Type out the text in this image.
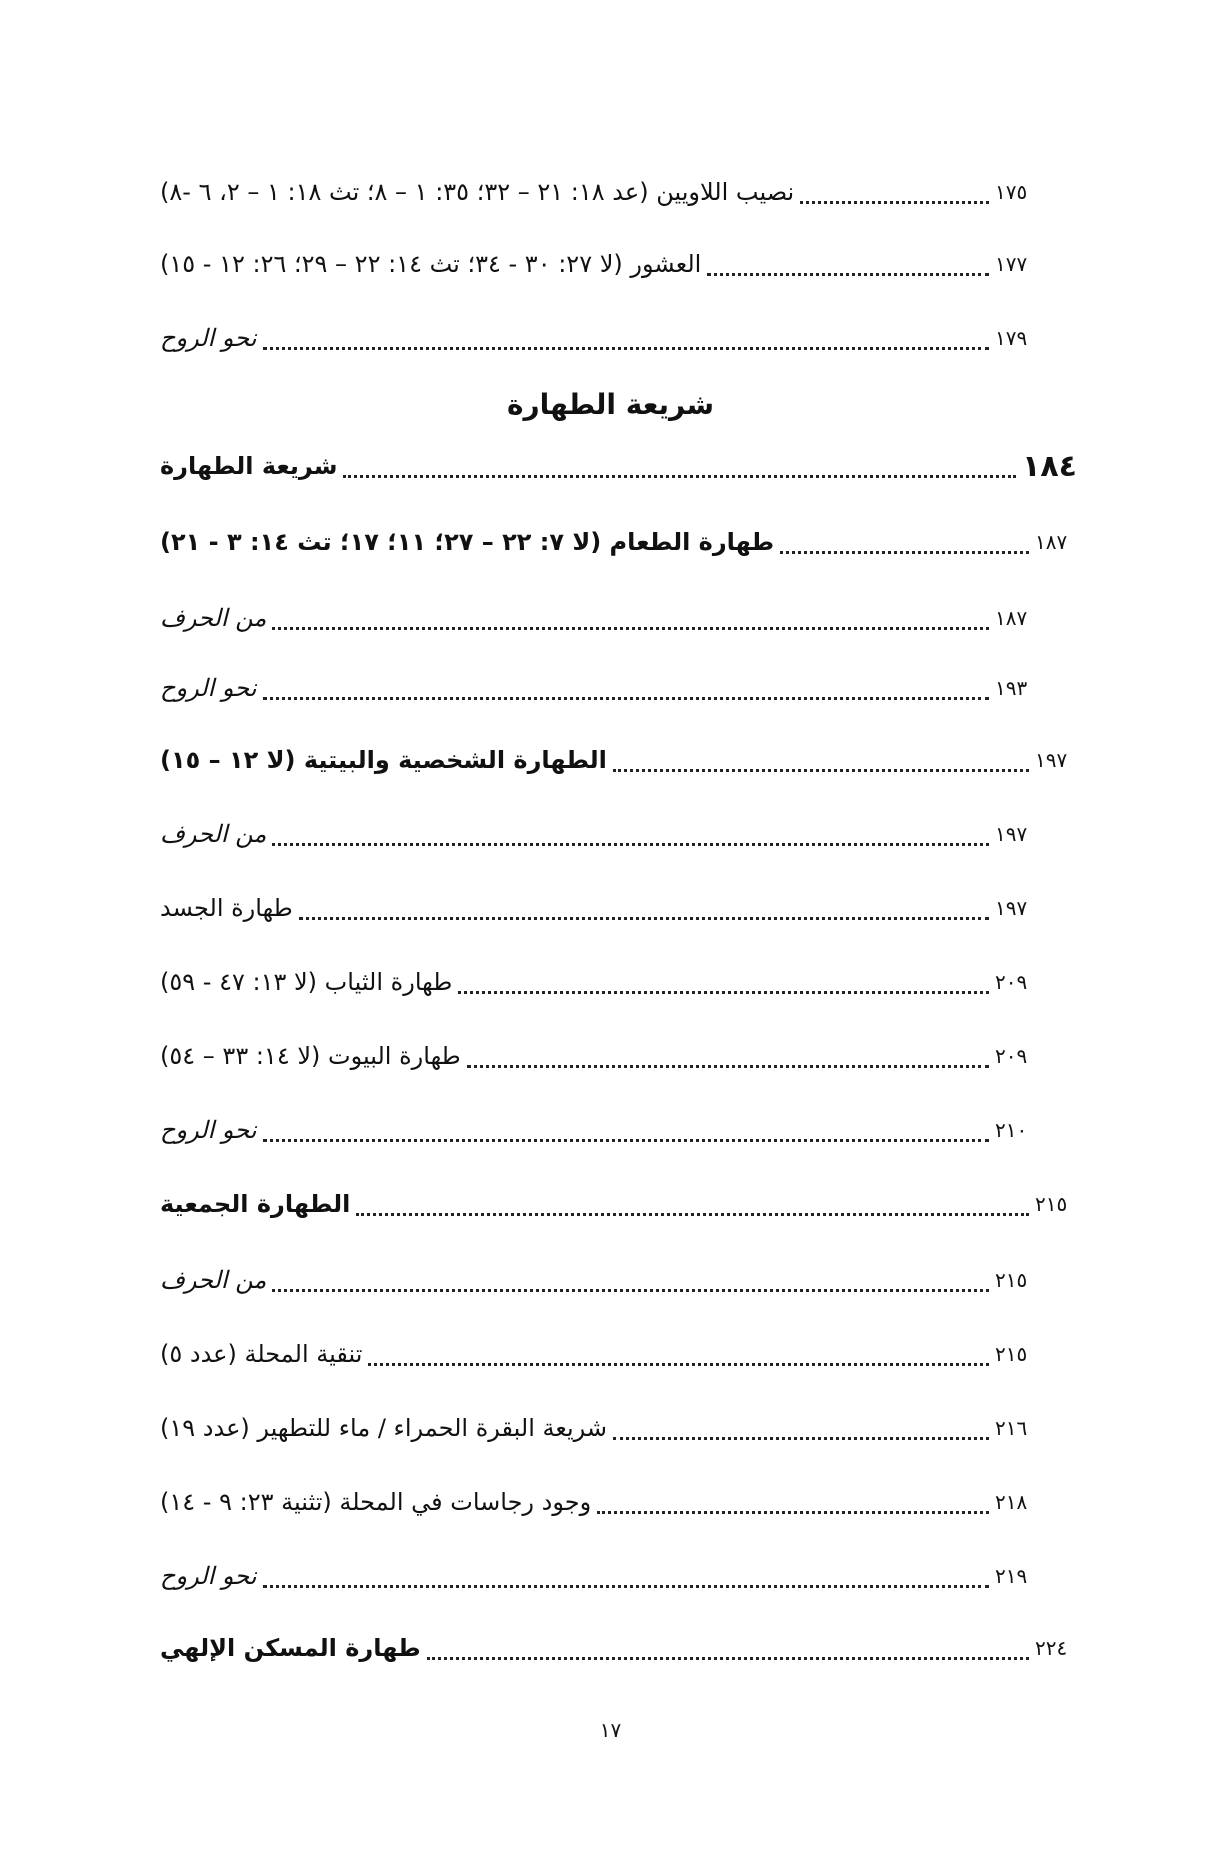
نصيب اللاويين (عد ١٨: ٢١ – ٣٢؛ ٣٥: ١ – ٨؛ تث ١٨: ١ – ٢، ٦ -٨)	١٧٥
العشور (لا ٢٧: ٣٠ - ٣٤؛ تث ١٤: ٢٢ – ٢٩؛ ٢٦: ١٢ - ١٥)	١٧٧
نحو الروح	١٧٩
شريعة الطهارة
شريعة الطهارة	١٨٤
طهارة الطعام (لا ٧: ٢٢ – ٢٧؛ ١١؛ ١٧؛ تث ١٤: ٣ - ٢١)	١٨٧
من الحرف	١٨٧
نحو الروح	١٩٣
الطهارة الشخصية والبيتية (لا ١٢ – ١٥)	١٩٧
من الحرف	١٩٧
طهارة الجسد	١٩٧
طهارة الثياب (لا ١٣: ٤٧ - ٥٩)	٢٠٩
طهارة البيوت (لا ١٤: ٣٣ – ٥٤)	٢٠٩
نحو الروح	٢١٠
الطهارة الجمعية	٢١٥
من الحرف	٢١٥
تنقية المحلة (عدد ٥)	٢١٥
شريعة البقرة الحمراء / ماء للتطهير (عدد ١٩)	٢١٦
وجود رجاسات في المحلة (تثنية ٢٣: ٩ - ١٤)	٢١٨
نحو الروح	٢١٩
طهارة المسكن الإلهي	٢٢٤
١٧
